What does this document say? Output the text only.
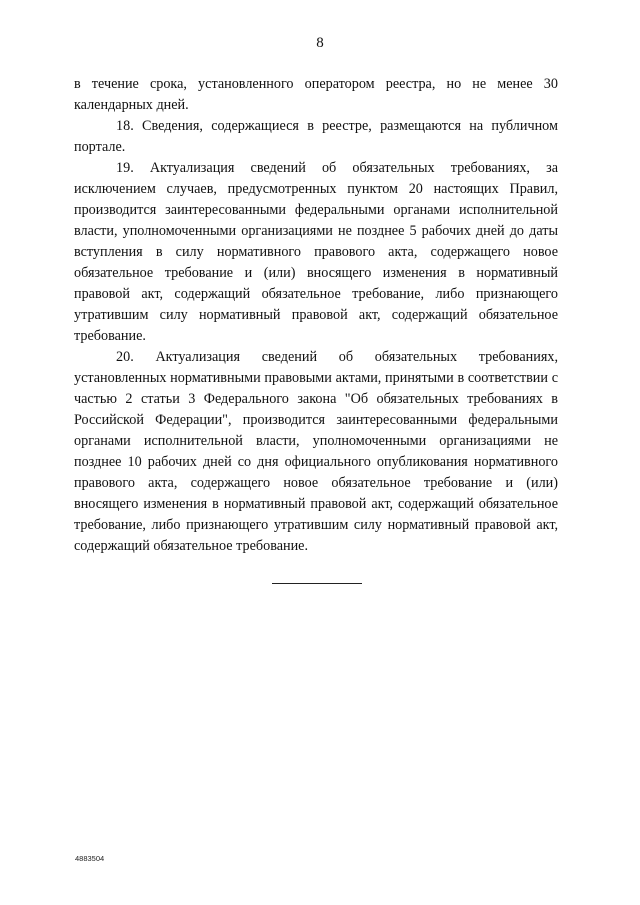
8

в течение срока, установленного оператором реестра, но не менее 30 календарных дней.

18. Сведения, содержащиеся в реестре, размещаются на публичном портале.

19. Актуализация сведений об обязательных требованиях, за исключением случаев, предусмотренных пунктом 20 настоящих Правил, производится заинтересованными федеральными органами исполнительной власти, уполномоченными организациями не позднее 5 рабочих дней до даты вступления в силу нормативного правового акта, содержащего новое обязательное требование и (или) вносящего изменения в нормативный правовой акт, содержащий обязательное требование, либо признающего утратившим силу нормативный правовой акт, содержащий обязательное требование.

20. Актуализация сведений об обязательных требованиях, установленных нормативными правовыми актами, принятыми в соответствии с частью 2 статьи 3 Федерального закона "Об обязательных требованиях в Российской Федерации", производится заинтересованными федеральными органами исполнительной власти, уполномоченными организациями не позднее 10 рабочих дней со дня официального опубликования нормативного правового акта, содержащего новое обязательное требование и (или) вносящего изменения в нормативный правовой акт, содержащий обязательное требование, либо признающего утратившим силу нормативный правовой акт, содержащий обязательное требование.

4883504
